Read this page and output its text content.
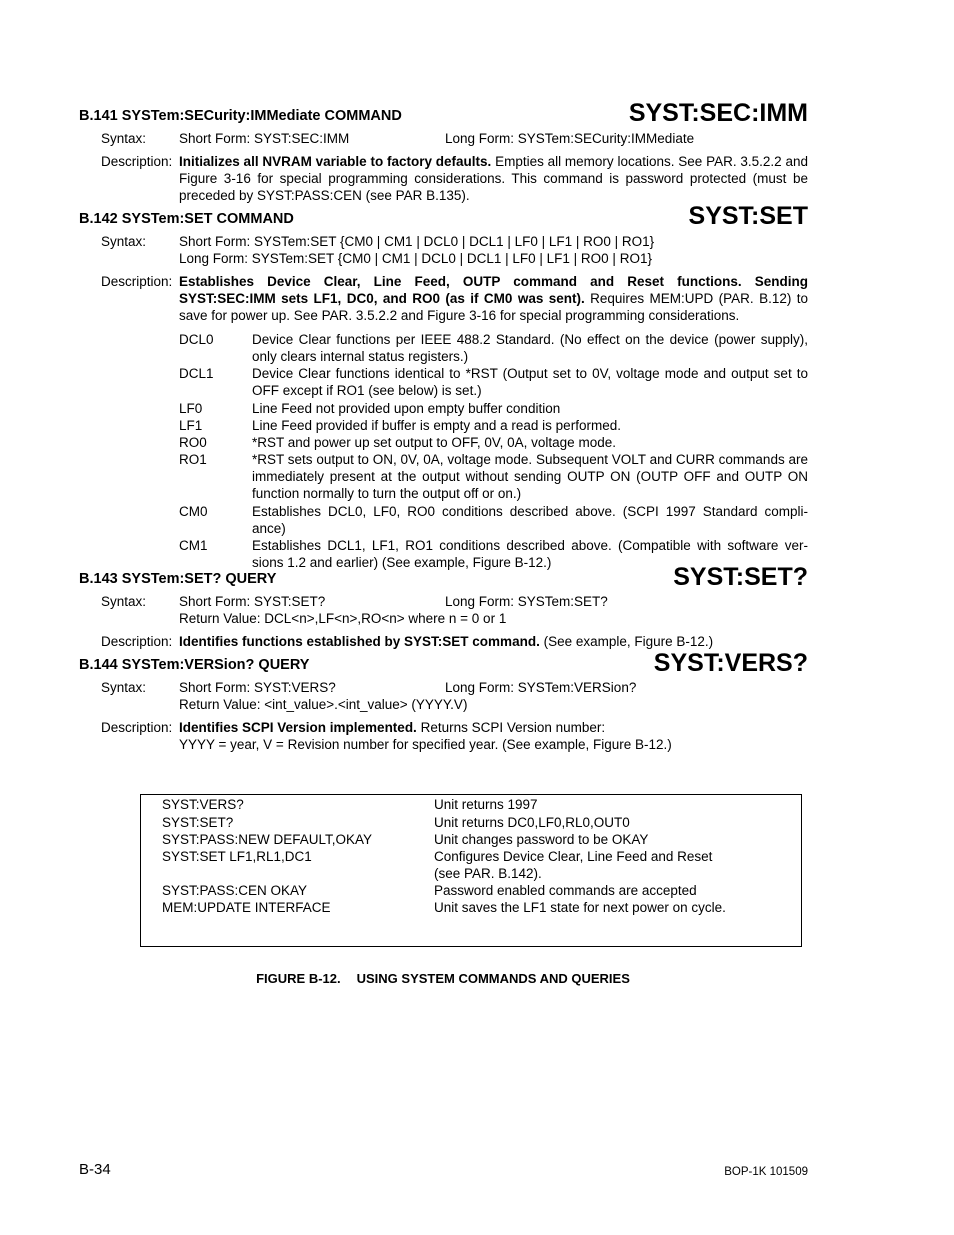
B.141 SYSTem:SECurity:IMMediate COMMAND	SYST:SEC:IMM
Syntax: Short Form: SYST:SEC:IMM	Long Form: SYSTem:SECurity:IMMediate
Description: Initializes all NVRAM variable to factory defaults. Empties all memory locations. See PAR. 3.5.2.2 and Figure 3-16 for special programming considerations. This command is password protected (must be preceded by SYST:PASS:CEN (see PAR B.135).
B.142 SYSTem:SET COMMAND	SYST:SET
Syntax: Short Form: SYSTem:SET {CM0 | CM1 | DCL0 | DCL1 | LF0 | LF1 | RO0 | RO1}
Long Form: SYSTem:SET {CM0 | CM1 | DCL0 | DCL1 | LF0 | LF1 | RO0 | RO1}
Description: Establishes Device Clear, Line Feed, OUTP command and Reset functions. Sending SYST:SEC:IMM sets LF1, DC0, and RO0 (as if CM0 was sent). Requires MEM:UPD (PAR. B.12) to save for power up. See PAR. 3.5.2.2 and Figure 3-16 for special programming considerations.
DCL0	Device Clear functions per IEEE 488.2 Standard. (No effect on the device (power supply), only clears internal status registers.)
DCL1	Device Clear functions identical to *RST (Output set to 0V, voltage mode and output set to OFF except if RO1 (see below) is set.)
LF0	Line Feed not provided upon empty buffer condition
LF1	Line Feed provided if buffer is empty and a read is performed.
RO0	*RST and power up set output to OFF, 0V, 0A, voltage mode.
RO1	*RST sets output to ON, 0V, 0A, voltage mode. Subsequent VOLT and CURR commands are immediately present at the output without sending OUTP ON (OUTP OFF and OUTP ON function normally to turn the output off or on.)
CM0	Establishes DCL0, LF0, RO0 conditions described above. (SCPI 1997 Standard compli-ance)
CM1	Establishes DCL1, LF1, RO1 conditions described above. (Compatible with software ver-sions 1.2 and earlier) (See example, Figure B-12.)
B.143 SYSTem:SET? QUERY	SYST:SET?
Syntax: Short Form: SYST:SET?	Long Form: SYSTem:SET?
Return Value: DCL<n>,LF<n>,RO<n> where n = 0 or 1
Description: Identifies functions established by SYST:SET command. (See example, Figure B-12.)
B.144 SYSTem:VERSion? QUERY	SYST:VERS?
Syntax: Short Form: SYST:VERS?	Long Form: SYSTem:VERSion?
Return Value: <int_value>.<int_value> (YYYY.V)
Description: Identifies SCPI Version implemented. Returns SCPI Version number:
YYYY = year, V = Revision number for specified year. (See example, Figure B-12.)
SYST:VERS?	Unit returns 1997
SYST:SET?	Unit returns DC0,LF0,RL0,OUT0
SYST:PASS:NEW DEFAULT,OKAY	Unit changes password to be OKAY
SYST:SET LF1,RL1,DC1	Configures Device Clear, Line Feed and Reset
(see PAR. B.142).
SYST:PASS:CEN OKAY	Password enabled commands are accepted
MEM:UPDATE INTERFACE	Unit saves the LF1 state for next power on cycle.
FIGURE B-12. USING SYSTEM COMMANDS AND QUERIES
B-34	BOP-1K 101509
